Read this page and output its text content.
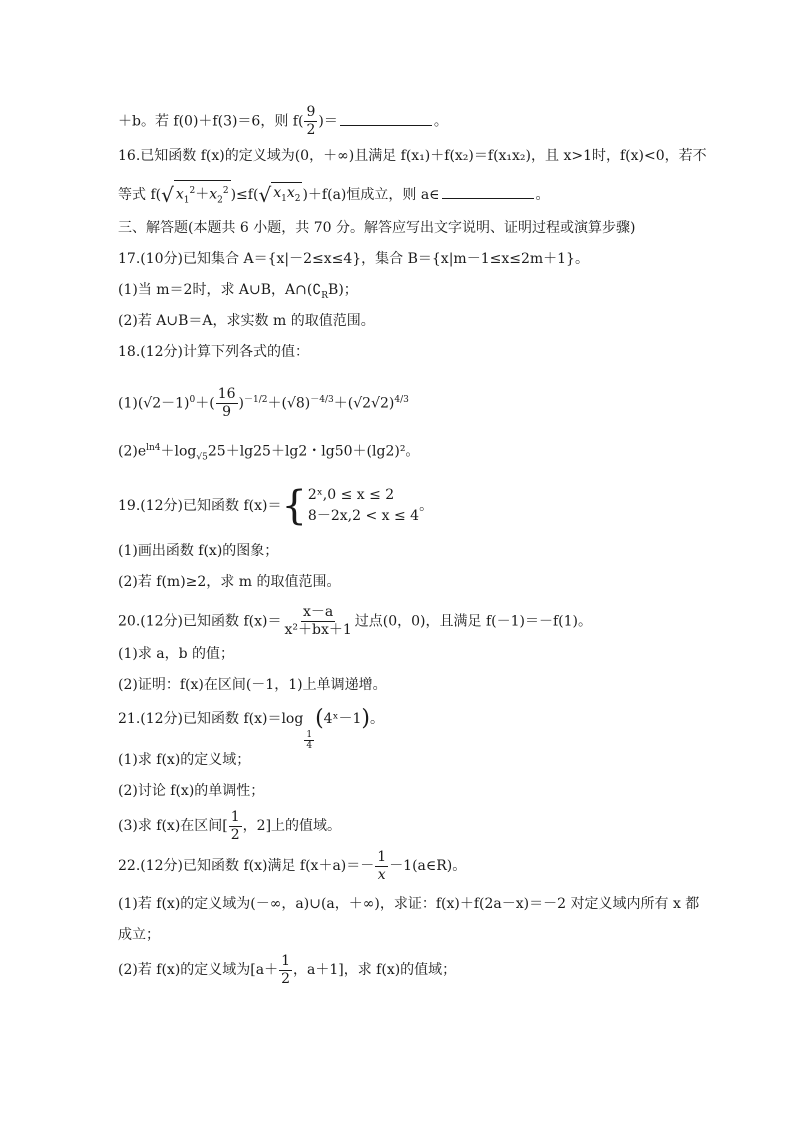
＋b。若 f(0)＋f(3)＝6，则 $f( \frac{9}{2}$ )＝	。
16.已知函数 f(x)的定义域为(0，＋∞)且满足 f(x₁)＋f(x₂)＝f(x₁x₂)，且 x>1时，f(x)<0，若不
等式 f(√ $x_1^2+x_2^2$ )≤f(√ $x_1x_2$ )＋f(a)恒成立，则 a∈	。
三、解答题(本题共 6 小题，共 70 分。解答应写出文字说明、证明过程或演算步骤)
17.(10分)已知集合 A＝{x|－2≤x≤4}，集合 B＝{x|m－1≤x≤2m＋1}。
(1)当 m＝2时，求 A∪B，$A\cap(∁_RB)$；
(2)若 A∪B＝A，求实数 m 的取值范围。
18.(12分)计算下列各式的值：
$(1)(√2-1)^0+( \frac{16}{9} )^{-1/2}+(√8)^{-4/3}+(√2√2)^{4/3}$
$(2)e^{ln4}+\log_{√5}25+\lg 25+\lg 2$・lg50＋(lg2)²。
19.(12分)已知函数 f(x)＝ { 2ˣ,0 ≤ x ≤ 2
8－2x,2 < x ≤ 4
。
(1)画出函数 f(x)的图象；
(2)若 f(m)≥2，求 m 的取值范围。
20.(12分)已知函数 $f(x)= \frac{x-a}{\text{x²＋bx＋1}}$ 过点(0，0)，且满足 f(－1)＝－f(1)。
(1)求 a，b 的值；
(2)证明：f(x)在区间(－1，1)上单调递增。
21.(12分)已知函数 f(x)＝log
$\frac{1}{4}$
(4ˣ－1)。
(1)求 f(x)的定义域；
(2)讨论 f(x)的单调性；
(3)求 f(x)在区间[ $\frac{1}{2}$ ，2]上的值域。
22.(12分)已知函数 f(x)满足 $f(x+a)=- \frac{1}{x}$ －1(a∈R)。
(1)若 f(x)的定义域为(－∞，a)∪(a，＋∞)，求证：f(x)＋f(2a－x)＝－2 对定义域内所有 x 都
成立；
(2)若 f(x)的定义域为[$a+ \frac{1}{2}$ ，a＋1]，求 f(x)的值域；
